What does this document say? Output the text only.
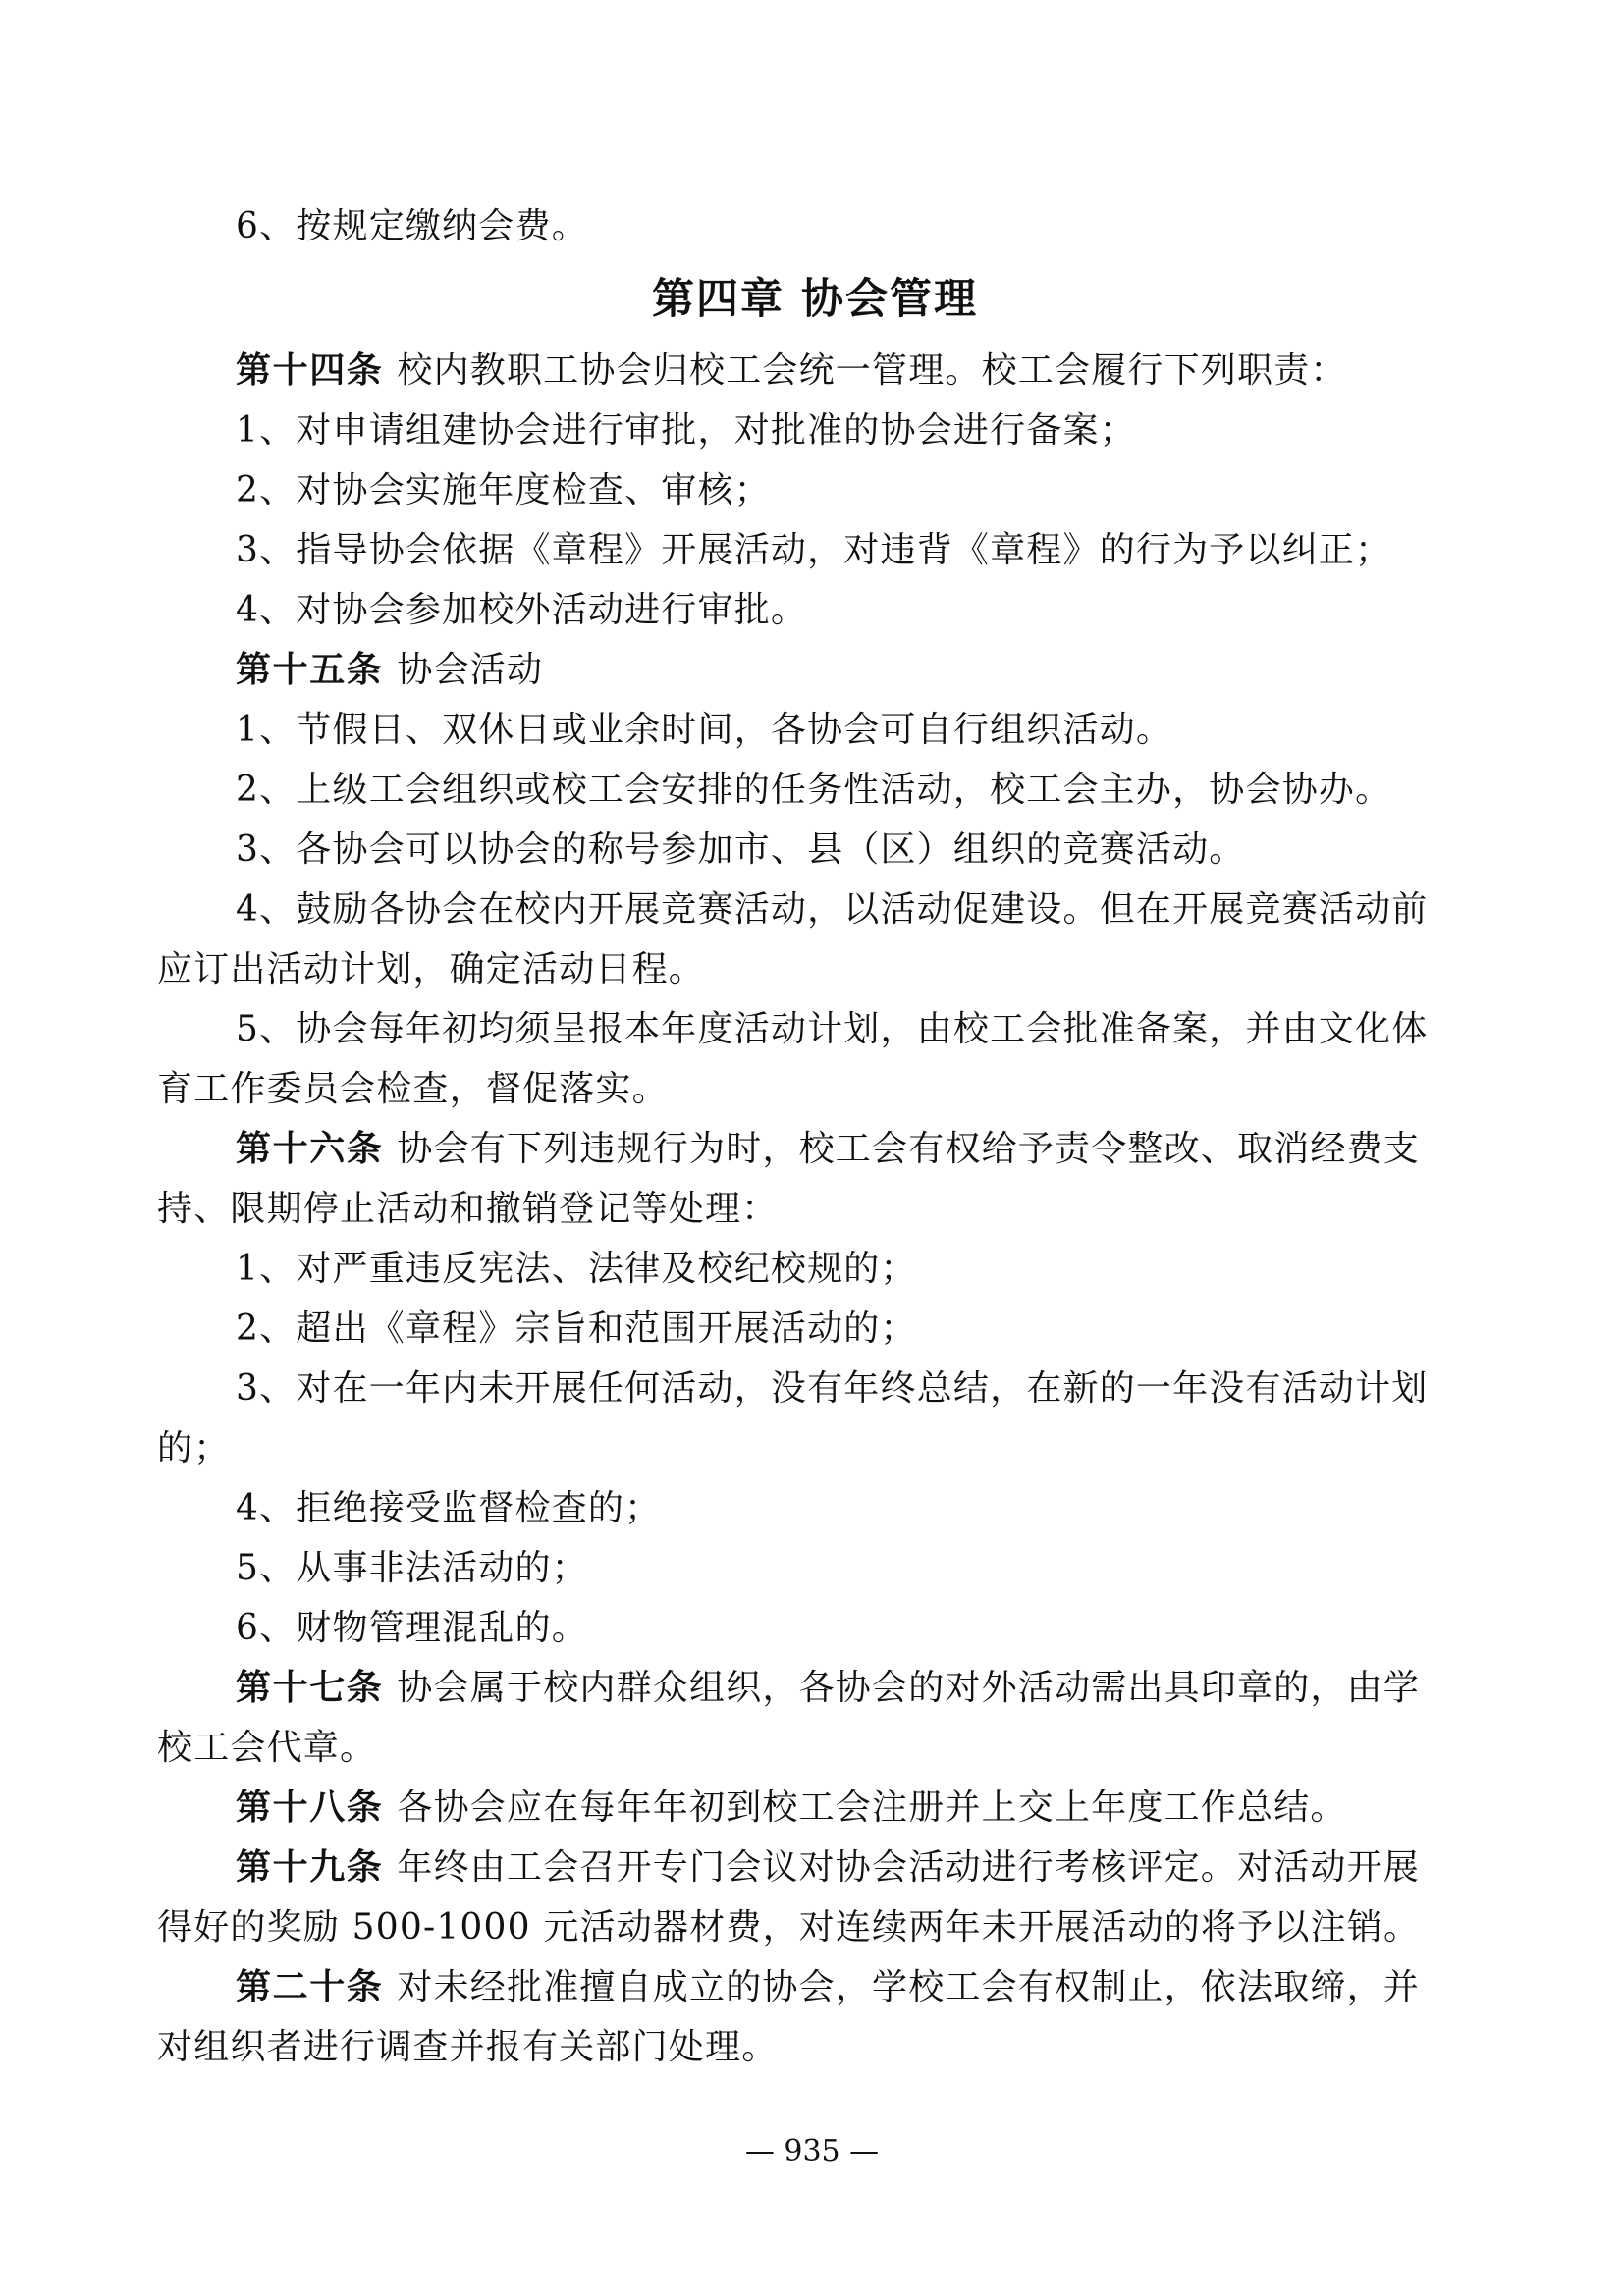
6、按规定缴纳会费。
第四章 协会管理
第十四条 校内教职工协会归校工会统一管理。校工会履行下列职责：
1、对申请组建协会进行审批，对批准的协会进行备案；
2、对协会实施年度检查、审核；
3、指导协会依据《章程》开展活动，对违背《章程》的行为予以纠正；
4、对协会参加校外活动进行审批。
第十五条 协会活动
1、节假日、双休日或业余时间，各协会可自行组织活动。
2、上级工会组织或校工会安排的任务性活动，校工会主办，协会协办。
3、各协会可以协会的称号参加市、县（区）组织的竞赛活动。
4、鼓励各协会在校内开展竞赛活动，以活动促建设。但在开展竞赛活动前
应订出活动计划，确定活动日程。
5、协会每年初均须呈报本年度活动计划，由校工会批准备案，并由文化体
育工作委员会检查，督促落实。
第十六条 协会有下列违规行为时，校工会有权给予责令整改、取消经费支
持、限期停止活动和撤销登记等处理：
1、对严重违反宪法、法律及校纪校规的；
2、超出《章程》宗旨和范围开展活动的；
3、对在一年内未开展任何活动，没有年终总结，在新的一年没有活动计划
的；
4、拒绝接受监督检查的；
5、从事非法活动的；
6、财物管理混乱的。
第十七条 协会属于校内群众组织，各协会的对外活动需出具印章的，由学
校工会代章。
第十八条 各协会应在每年年初到校工会注册并上交上年度工作总结。
第十九条 年终由工会召开专门会议对协会活动进行考核评定。对活动开展
得好的奖励 500-1000 元活动器材费，对连续两年未开展活动的将予以注销。
第二十条 对未经批准擅自成立的协会，学校工会有权制止，依法取缔，并
对组织者进行调查并报有关部门处理。
— 935 —
